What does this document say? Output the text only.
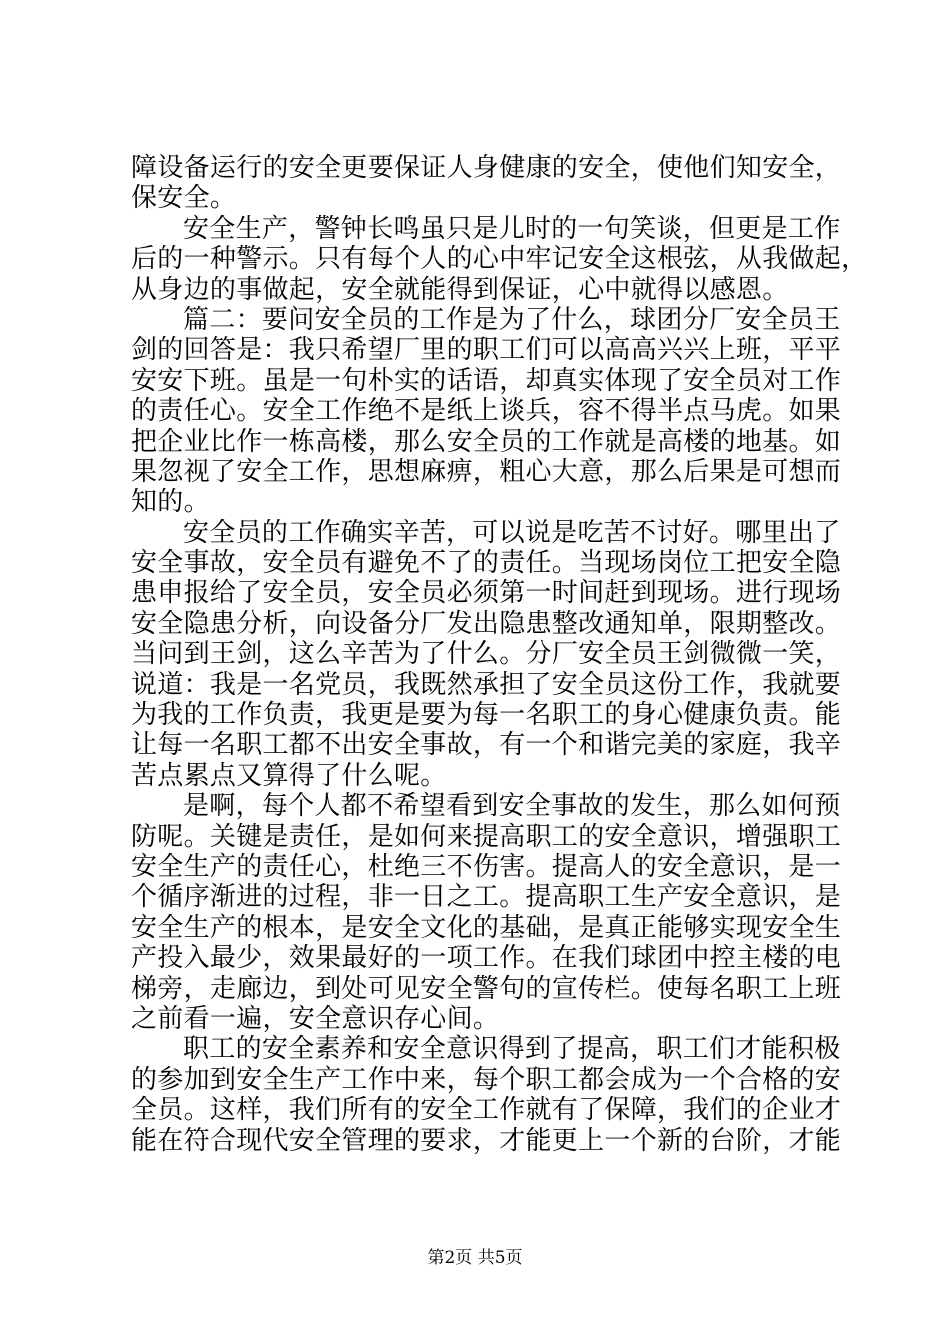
障设备运行的安全更要保证人身健康的安全，使他们知安全，
保安全。
安全生产，警钟长鸣虽只是儿时的一句笑谈，但更是工作
后的一种警示。只有每个人的心中牢记安全这根弦，从我做起，
从身边的事做起，安全就能得到保证，心中就得以感恩。
篇二：要问安全员的工作是为了什么，球团分厂安全员王
剑的回答是：我只希望厂里的职工们可以高高兴兴上班，平平
安安下班。虽是一句朴实的话语，却真实体现了安全员对工作
的责任心。安全工作绝不是纸上谈兵，容不得半点马虎。如果
把企业比作一栋高楼，那么安全员的工作就是高楼的地基。如
果忽视了安全工作，思想麻痹，粗心大意，那么后果是可想而
知的。
安全员的工作确实辛苦，可以说是吃苦不讨好。哪里出了
安全事故，安全员有避免不了的责任。当现场岗位工把安全隐
患申报给了安全员，安全员必须第一时间赶到现场。进行现场
安全隐患分析，向设备分厂发出隐患整改通知单，限期整改。
当问到王剑，这么辛苦为了什么。分厂安全员王剑微微一笑，
说道：我是一名党员，我既然承担了安全员这份工作，我就要
为我的工作负责，我更是要为每一名职工的身心健康负责。能
让每一名职工都不出安全事故，有一个和谐完美的家庭，我辛
苦点累点又算得了什么呢。
是啊，每个人都不希望看到安全事故的发生，那么如何预
防呢。关键是责任，是如何来提高职工的安全意识，增强职工
安全生产的责任心，杜绝三不伤害。提高人的安全意识，是一
个循序渐进的过程，非一日之工。提高职工生产安全意识，是
安全生产的根本，是安全文化的基础，是真正能够实现安全生
产投入最少，效果最好的一项工作。在我们球团中控主楼的电
梯旁，走廊边，到处可见安全警句的宣传栏。使每名职工上班
之前看一遍，安全意识存心间。
职工的安全素养和安全意识得到了提高，职工们才能积极
的参加到安全生产工作中来，每个职工都会成为一个合格的安
全员。这样，我们所有的安全工作就有了保障，我们的企业才
能在符合现代安全管理的要求，才能更上一个新的台阶，才能
第2页 共5页
